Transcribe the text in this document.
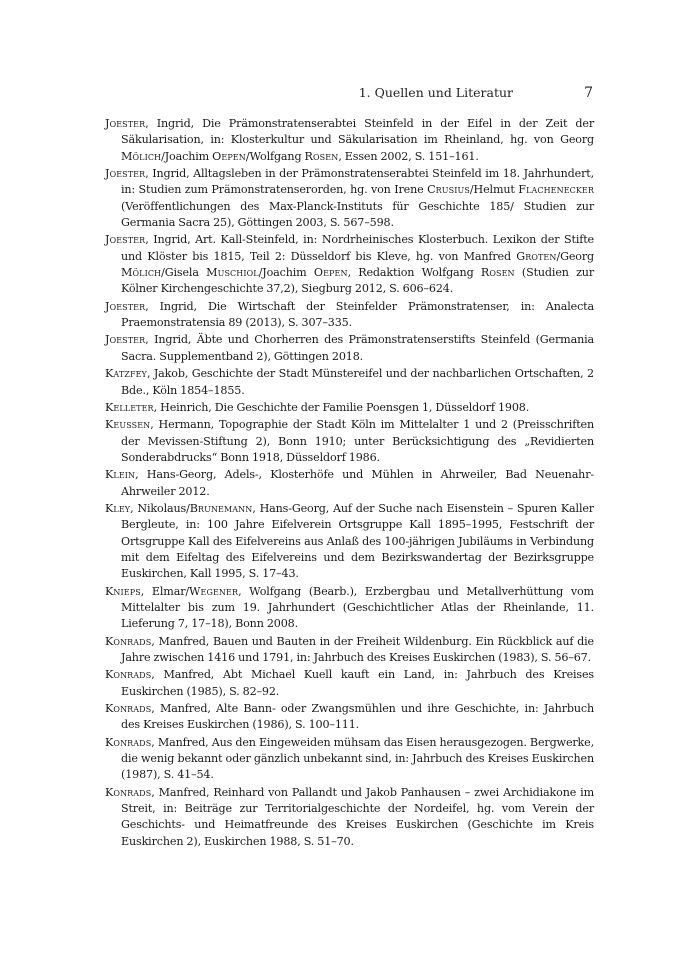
1. Quellen und Literatur	7
Joester, Ingrid, Die Prämonstratenserabtei Steinfeld in der Eifel in der Zeit der Säkularisation, in: Klosterkultur und Säkularisation im Rheinland, hg. von Georg Mölich/Joachim Oepen/Wolfgang Rosen, Essen 2002, S. 151–161.
Joester, Ingrid, Alltagsleben in der Prämonstratenserabtei Steinfeld im 18. Jahrhundert, in: Studien zum Prämonstratenserorden, hg. von Irene Crusius/Helmut Flachenecker (Veröffentlichungen des Max-Planck-Instituts für Geschichte 185/ Studien zur Germania Sacra 25), Göttingen 2003, S. 567–598.
Joester, Ingrid, Art. Kall-Steinfeld, in: Nordrheinisches Klosterbuch. Lexikon der Stifte und Klöster bis 1815, Teil 2: Düsseldorf bis Kleve, hg. von Manfred Groten/Georg Mölich/Gisela Muschiol/Joachim Oepen, Redaktion Wolfgang Rosen (Studien zur Kölner Kirchengeschichte 37,2), Siegburg 2012, S. 606–624.
Joester, Ingrid, Die Wirtschaft der Steinfelder Prämonstratenser, in: Analecta Praemonstratensia 89 (2013), S. 307–335.
Joester, Ingrid, Äbte und Chorherren des Prämonstratenserstifts Steinfeld (Germania Sacra. Supplementband 2), Göttingen 2018.
Katzfey, Jakob, Geschichte der Stadt Münstereifel und der nachbarlichen Ortschaften, 2 Bde., Köln 1854–1855.
Kelleter, Heinrich, Die Geschichte der Familie Poensgen 1, Düsseldorf 1908.
Keussen, Hermann, Topographie der Stadt Köln im Mittelalter 1 und 2 (Preisschriften der Mevissen-Stiftung 2), Bonn 1910; unter Berücksichtigung des „Revidierten Sonderabdrucks“ Bonn 1918, Düsseldorf 1986.
Klein, Hans-Georg, Adels-, Klosterhöfe und Mühlen in Ahrweiler, Bad Neuenahr-Ahrweiler 2012.
Kley, Nikolaus/Brunemann, Hans-Georg, Auf der Suche nach Eisenstein – Spuren Kaller Bergleute, in: 100 Jahre Eifelverein Ortsgruppe Kall 1895–1995, Festschrift der Ortsgruppe Kall des Eifelvereins aus Anlaß des 100-jährigen Jubiläums in Verbindung mit dem Eifeltag des Eifelvereins und dem Bezirkswandertag der Bezirksgruppe Euskirchen, Kall 1995, S. 17–43.
Knieps, Elmar/Wegener, Wolfgang (Bearb.), Erzbergbau und Metallverhüttung vom Mittelalter bis zum 19. Jahrhundert (Geschichtlicher Atlas der Rheinlande, 11. Lieferung 7, 17–18), Bonn 2008.
Konrads, Manfred, Bauen und Bauten in der Freiheit Wildenburg. Ein Rückblick auf die Jahre zwischen 1416 und 1791, in: Jahrbuch des Kreises Euskirchen (1983), S. 56–67.
Konrads, Manfred, Abt Michael Kuell kauft ein Land, in: Jahrbuch des Kreises Euskirchen (1985), S. 82–92.
Konrads, Manfred, Alte Bann- oder Zwangsmühlen und ihre Geschichte, in: Jahrbuch des Kreises Euskirchen (1986), S. 100–111.
Konrads, Manfred, Aus den Eingeweiden mühsam das Eisen herausgezogen. Bergwerke, die wenig bekannt oder gänzlich unbekannt sind, in: Jahrbuch des Kreises Euskirchen (1987), S. 41–54.
Konrads, Manfred, Reinhard von Pallandt und Jakob Panhausen – zwei Archidiakone im Streit, in: Beiträge zur Territorialgeschichte der Nordeifel, hg. vom Verein der Geschichts- und Heimatfreunde des Kreises Euskirchen (Geschichte im Kreis Euskirchen 2), Euskirchen 1988, S. 51–70.
